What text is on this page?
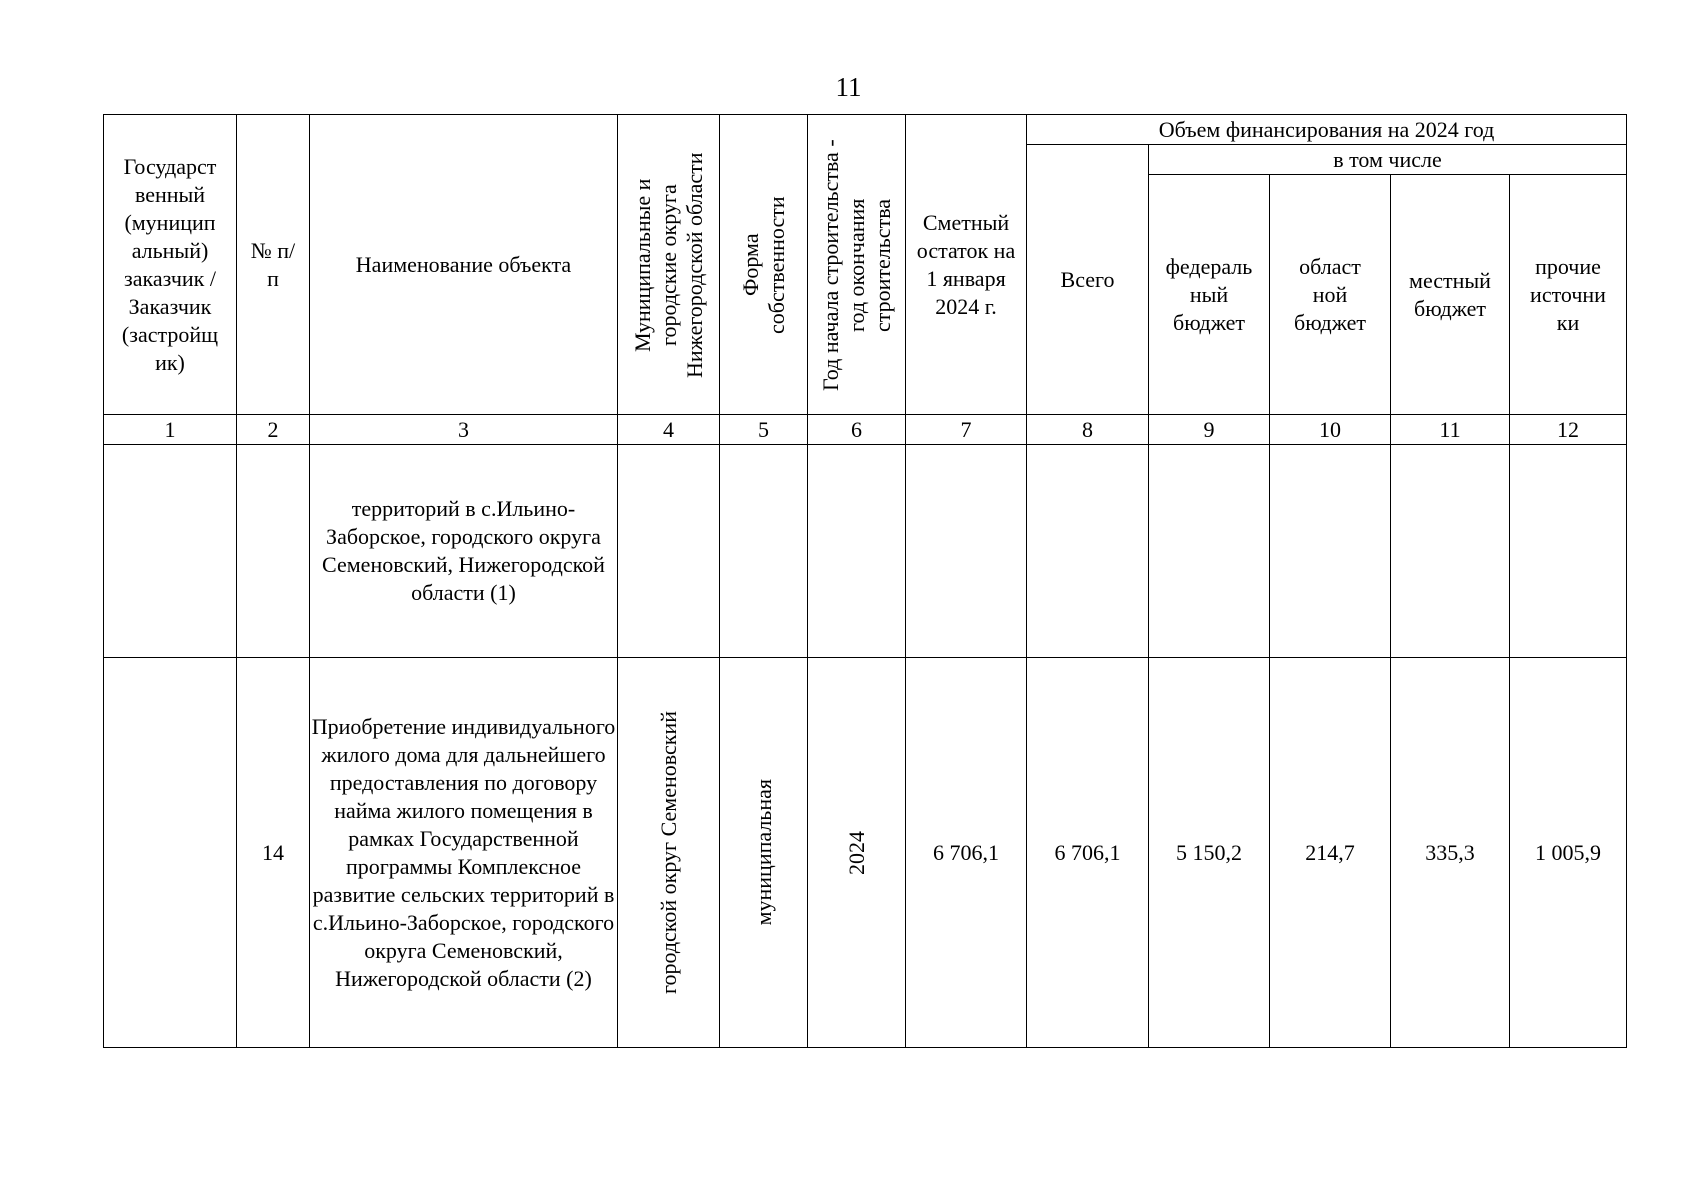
11
Государст венный (муницип альный) заказчик / Заказчик (застройщ ик)	№ п/п	Наименование объекта	Муниципальные и городские округа Нижегородской области	Форма собственности	Год начала строительства - год окончания строительства	Сметный остаток на 1 января 2024 г.	Объем финансирования на 2024 год				
							Всего	в том числе			
								федераль ный бюджет	област ной бюджет	местный бюджет	прочие источни ки
1	2	3	4	5	6	7	8	9	10	11	12
		территорий в с.Ильино-Заборское, городского округа Семеновский, Нижегородской области (1)									
	14	Приобретение индивидуального жилого дома для дальнейшего предоставления по договору найма жилого помещения в рамках Государственной программы Комплексное развитие сельских территорий в с.Ильино-Заборское, городского округа Семеновский, Нижегородской области (2)	городской округ Семеновский	муниципальная	2024	6 706,1	6 706,1	5 150,2	214,7	335,3	1 005,9
